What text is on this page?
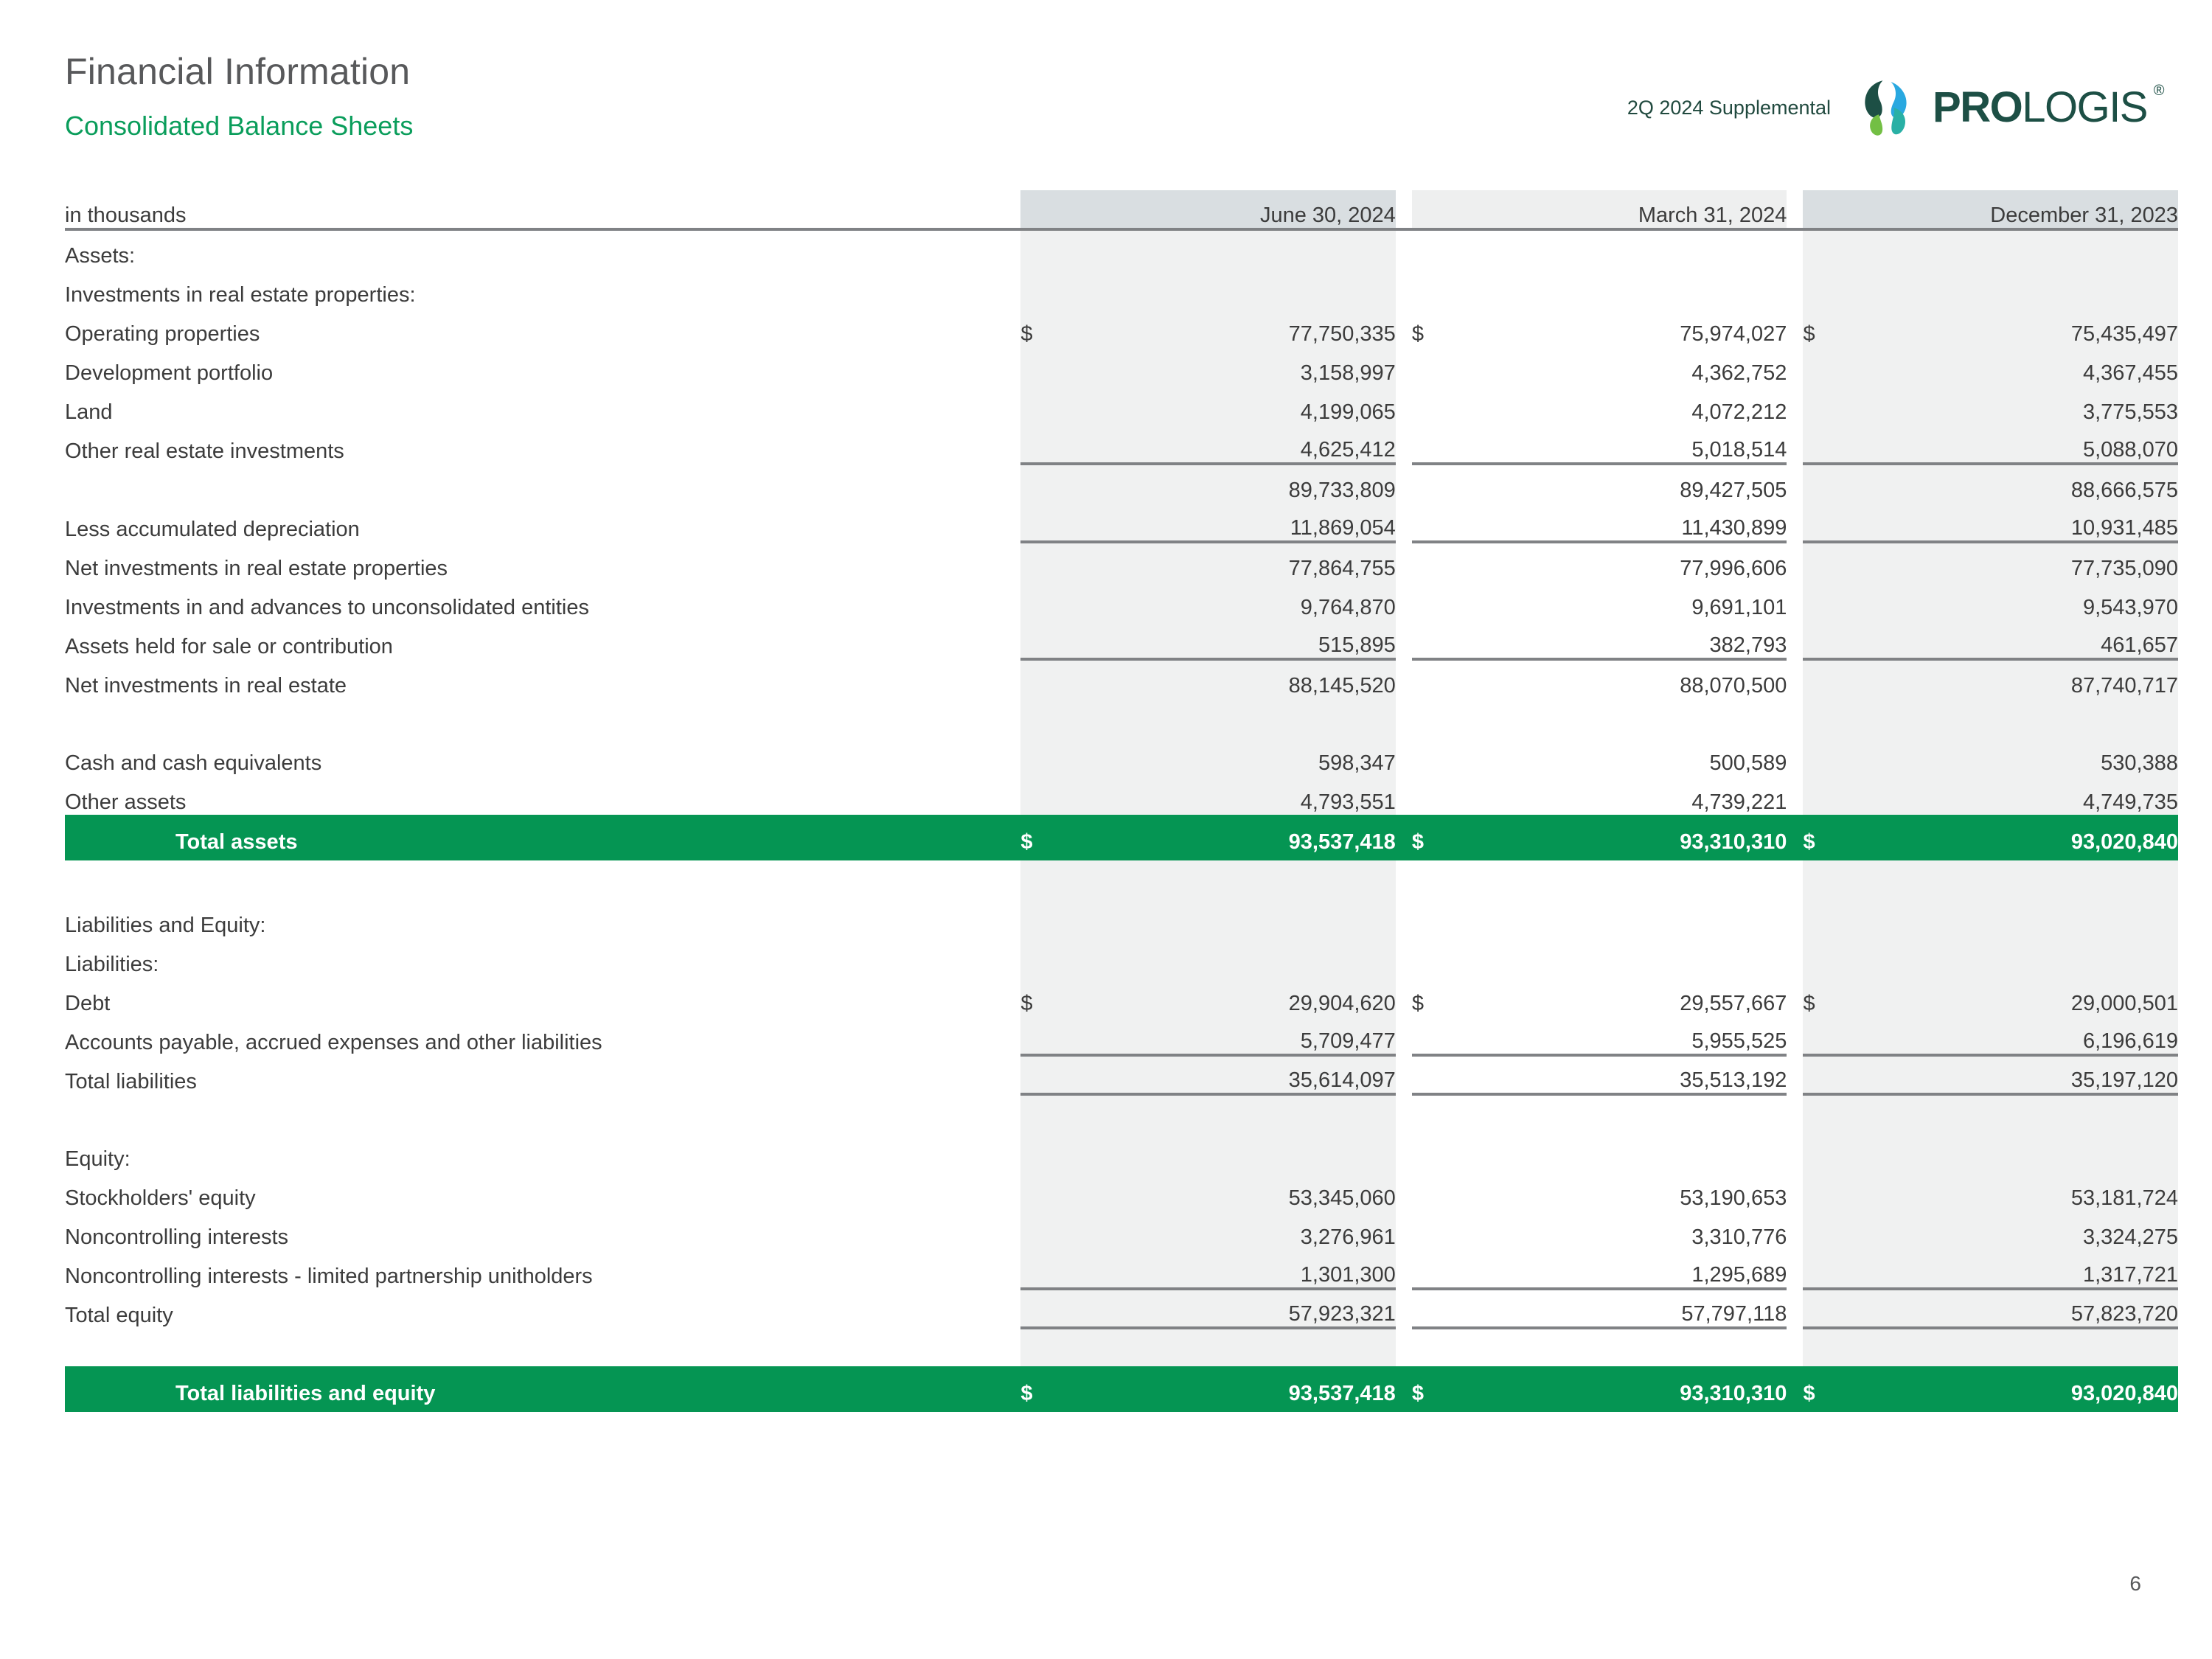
Financial Information
Consolidated Balance Sheets
2Q 2024 Supplemental PROLOGIS ®
in thousands		June 30, 2024			March 31, 2024			December 31, 2023
Assets:								
Investments in real estate properties:								
Operating properties	$	77,750,335		$	75,974,027		$	75,435,497
Development portfolio		3,158,997			4,362,752			4,367,455
Land		4,199,065			4,072,212			3,775,553
Other real estate investments		4,625,412			5,018,514			5,088,070
		89,733,809			89,427,505			88,666,575
Less accumulated depreciation		11,869,054			11,430,899			10,931,485
Net investments in real estate properties		77,864,755			77,996,606			77,735,090
Investments in and advances to unconsolidated entities		9,764,870			9,691,101			9,543,970
Assets held for sale or contribution		515,895			382,793			461,657
Net investments in real estate		88,145,520			88,070,500			87,740,717

Cash and cash equivalents		598,347			500,589			530,388
Other assets		4,793,551			4,739,221			4,749,735
Total assets	$	93,537,418		$	93,310,310		$	93,020,840

Liabilities and Equity:								
Liabilities:								
Debt	$	29,904,620		$	29,557,667		$	29,000,501
Accounts payable, accrued expenses and other liabilities		5,709,477			5,955,525			6,196,619
Total liabilities		35,614,097			35,513,192			35,197,120

Equity:								
Stockholders' equity		53,345,060			53,190,653			53,181,724
Noncontrolling interests		3,276,961			3,310,776			3,324,275
Noncontrolling interests - limited partnership unitholders		1,301,300			1,295,689			1,317,721
Total equity		57,923,321			57,797,118			57,823,720

Total liabilities and equity	$	93,537,418		$	93,310,310		$	93,020,840
6
